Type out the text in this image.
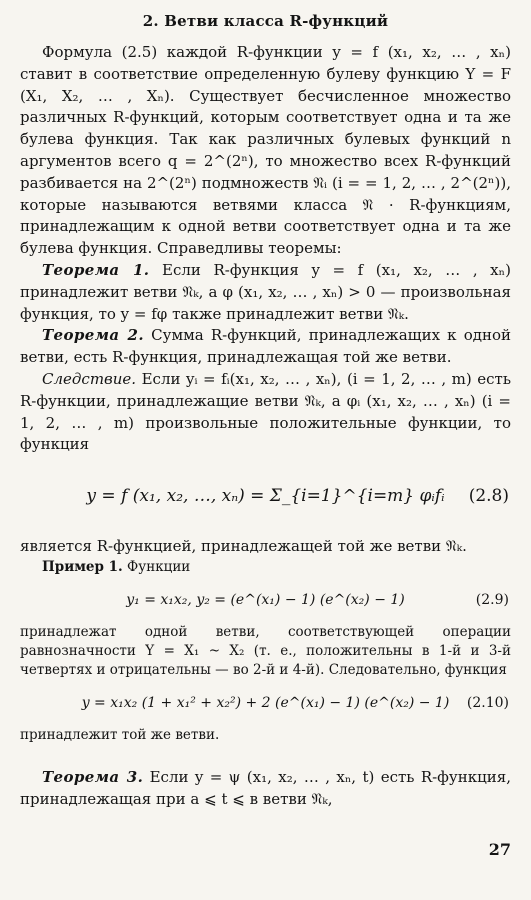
2. Ветви класса R-функций

Формула (2.5) каждой R-функции y = f (x₁, x₂, … , xₙ) ставит в соответствие определенную булеву функцию Y = F (X₁, X₂, … , Xₙ). Существует бесчисленное множество различных R-функций, которым соответствует одна и та же булева функция. Так как различных булевых функций n аргументов всего q = 2^(2ⁿ), то множество всех R-функций разбивается на 2^(2ⁿ) подмножеств 𝔑ᵢ (i = = 1, 2, … , 2^(2ⁿ)), которые называются ветвями класса 𝔑 · R-функциям, принадлежащим к одной ветви соответствует одна и та же булева функция. Справедливы теоремы:

Теорема 1. Если R-функция y = f (x₁, x₂, … , xₙ) принадлежит ветви 𝔑ₖ, а φ (x₁, x₂, … , xₙ) > 0 — произвольная функция, то y = fφ также принадлежит ветви 𝔑ₖ.

Теорема 2. Сумма R-функций, принадлежащих к одной ветви, есть R-функция, принадлежащая той же ветви.

Следствие. Если yᵢ = fᵢ(x₁, x₂, … , xₙ), (i = 1, 2, … , m) есть R-функции, принадлежащие ветви 𝔑ₖ, а φᵢ (x₁, x₂, … , xₙ) (i = 1, 2, … , m) произвольные положительные функции, то функция

y = f (x₁, x₂, …, xₙ) = Σ_{i=1}^{i=m} φᵢfᵢ (2.8)

является R-функцией, принадлежащей той же ветви 𝔑ₖ.

Пример 1. Функции

y₁ = x₁x₂, y₂ = (e^(x₁) − 1) (e^(x₂) − 1)	(2.9)

принадлежат одной ветви, соответствующей операции равнозначности Y = X₁ ~ X₂ (т. е., положительны в 1-й и 3-й четвертях и отрицательны — во 2-й и 4-й). Следовательно, функция

y = x₁x₂ (1 + x₁² + x₂²) + 2 (e^(x₁) − 1) (e^(x₂) − 1) (2.10)

принадлежит той же ветви.

Теорема 3. Если y = ψ (x₁, x₂, … , xₙ, t) есть R-функция, принадлежащая при a ⩽ t ⩽ в ветви 𝔑ₖ,

27
